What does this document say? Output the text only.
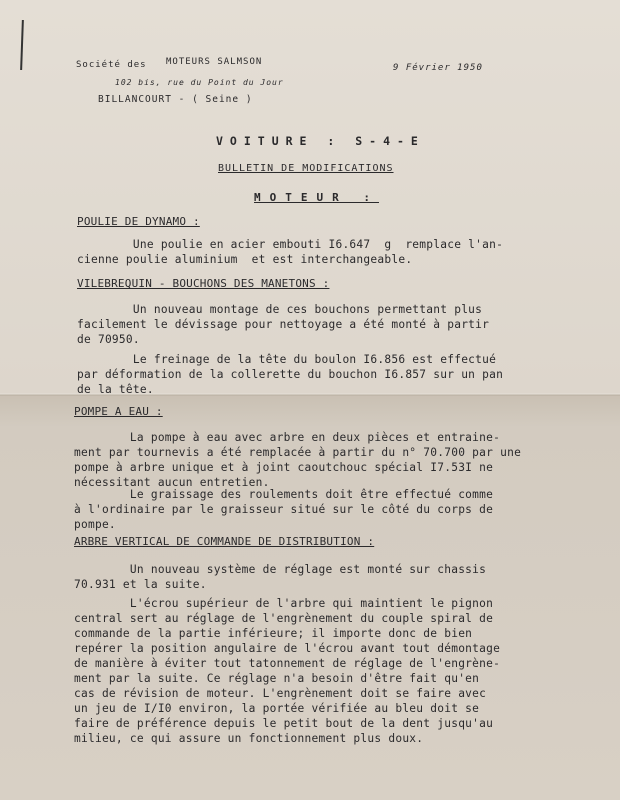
Société des MOTEURS SALMSON
102 bis, rue du Point du Jour
BILLANCOURT - ( Seine )
9 Février 1950
VOITURE : S-4-E
BULLETIN DE MODIFICATIONS
MOTEUR :
POULIE DE DYNAMO :
Une poulie en acier embouti I6.647  g  remplace l'an-
cienne poulie aluminium  et est interchangeable.
VILEBREQUIN - BOUCHONS DES MANETONS :
Un nouveau montage de ces bouchons permettant plus
facilement le dévissage pour nettoyage a été monté à partir
de 70950.
Le freinage de la tête du boulon I6.856 est effectué
par déformation de la collerette du bouchon I6.857 sur un pan
de la tête.
POMPE A EAU :
La pompe à eau avec arbre en deux pièces et entraine-
ment par tournevis a été remplacée à partir du n° 70.700 par une
pompe à arbre unique et à joint caoutchouc spécial I7.53I ne
nécessitant aucun entretien.
Le graissage des roulements doit être effectué comme
à l'ordinaire par le graisseur situé sur le côté du corps de
pompe.
ARBRE VERTICAL DE COMMANDE DE DISTRIBUTION :
Un nouveau système de réglage est monté sur chassis
70.931 et la suite.
L'écrou supérieur de l'arbre qui maintient le pignon
central sert au réglage de l'engrènement du couple spiral de
commande de la partie inférieure; il importe donc de bien
repérer la position angulaire de l'écrou avant tout démontage
de manière à éviter tout tatonnement de réglage de l'engrène-
ment par la suite. Ce réglage n'a besoin d'être fait qu'en
cas de révision de moteur. L'engrènement doit se faire avec
un jeu de I/I0 environ, la portée vérifiée au bleu doit se
faire de préférence depuis le petit bout de la dent jusqu'au
milieu, ce qui assure un fonctionnement plus doux.
